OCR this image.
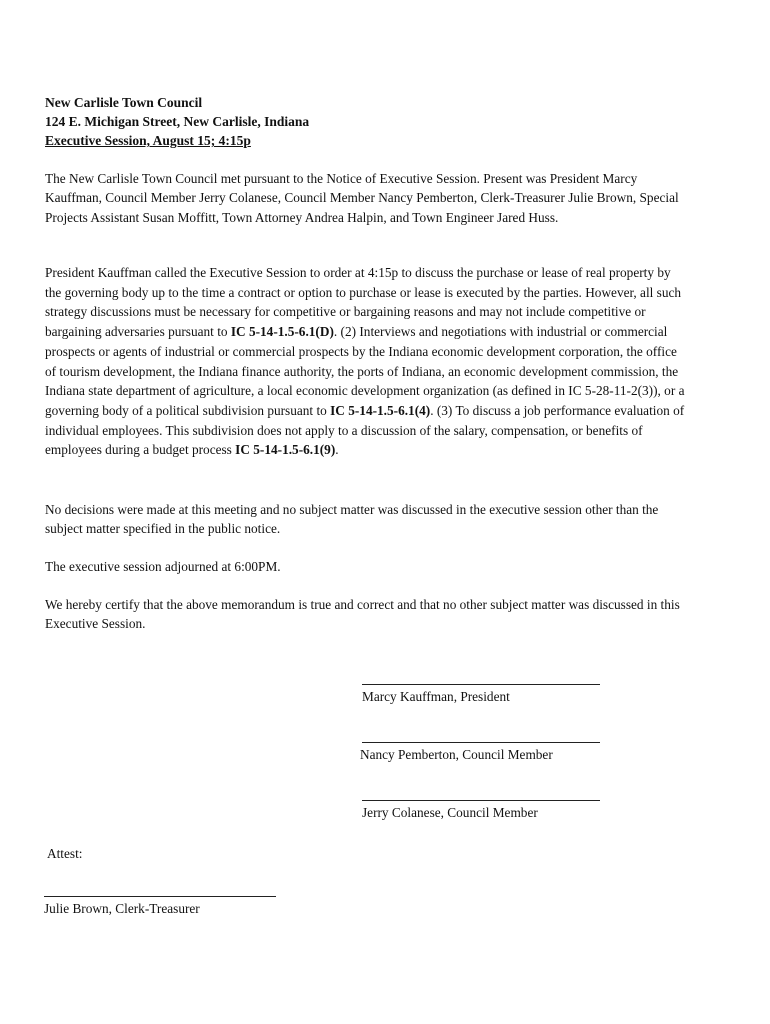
New Carlisle Town Council
124 E. Michigan Street, New Carlisle, Indiana
Executive Session, August 15; 4:15p

The New Carlisle Town Council met pursuant to the Notice of Executive Session. Present was President Marcy Kauffman, Council Member Jerry Colanese, Council Member Nancy Pemberton, Clerk-Treasurer Julie Brown, Special Projects Assistant Susan Moffitt, Town Attorney Andrea Halpin, and Town Engineer Jared Huss.

President Kauffman called the Executive Session to order at 4:15p to discuss the purchase or lease of real property by the governing body up to the time a contract or option to purchase or lease is executed by the parties. However, all such strategy discussions must be necessary for competitive or bargaining reasons and may not include competitive or bargaining adversaries pursuant to IC 5-14-1.5-6.1(D). (2) Interviews and negotiations with industrial or commercial prospects or agents of industrial or commercial prospects by the Indiana economic development corporation, the office of tourism development, the Indiana finance authority, the ports of Indiana, an economic development commission, the Indiana state department of agriculture, a local economic development organization (as defined in IC 5-28-11-2(3)), or a governing body of a political subdivision pursuant to IC 5-14-1.5-6.1(4). (3) To discuss a job performance evaluation of individual employees. This subdivision does not apply to a discussion of the salary, compensation, or benefits of employees during a budget process IC 5-14-1.5-6.1(9).

No decisions were made at this meeting and no subject matter was discussed in the executive session other than the subject matter specified in the public notice.

The executive session adjourned at 6:00PM.

We hereby certify that the above memorandum is true and correct and that no other subject matter was discussed in this Executive Session.

Marcy Kauffman, President
Nancy Pemberton, Council Member
Jerry Colanese, Council Member
Attest:
Julie Brown, Clerk-Treasurer
